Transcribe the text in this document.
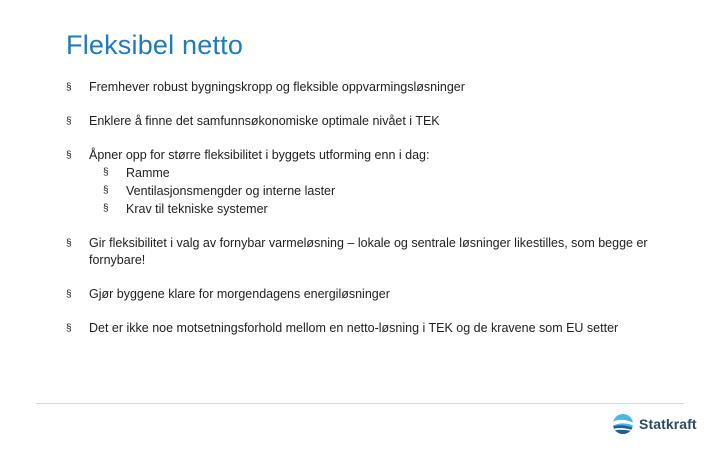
Fleksibel netto
§ Fremhever robust bygningskropp og fleksible oppvarmingsløsninger
§ Enklere å finne det samfunnsøkonomiske optimale nivået i TEK
§ Åpner opp for større fleksibilitet i byggets utforming enn i dag:
§ Ramme
§ Ventilasjonsmengder og interne laster
§ Krav til tekniske systemer
§ Gir fleksibilitet i valg av fornybar varmeløsning – lokale og sentrale løsninger likestilles, som begge er fornybare!
§ Gjør byggene klare for morgendagens energiløsninger
§ Det er ikke noe motsetningsforhold mellom en netto-løsning i TEK og de kravene som EU setter
Statkraft
